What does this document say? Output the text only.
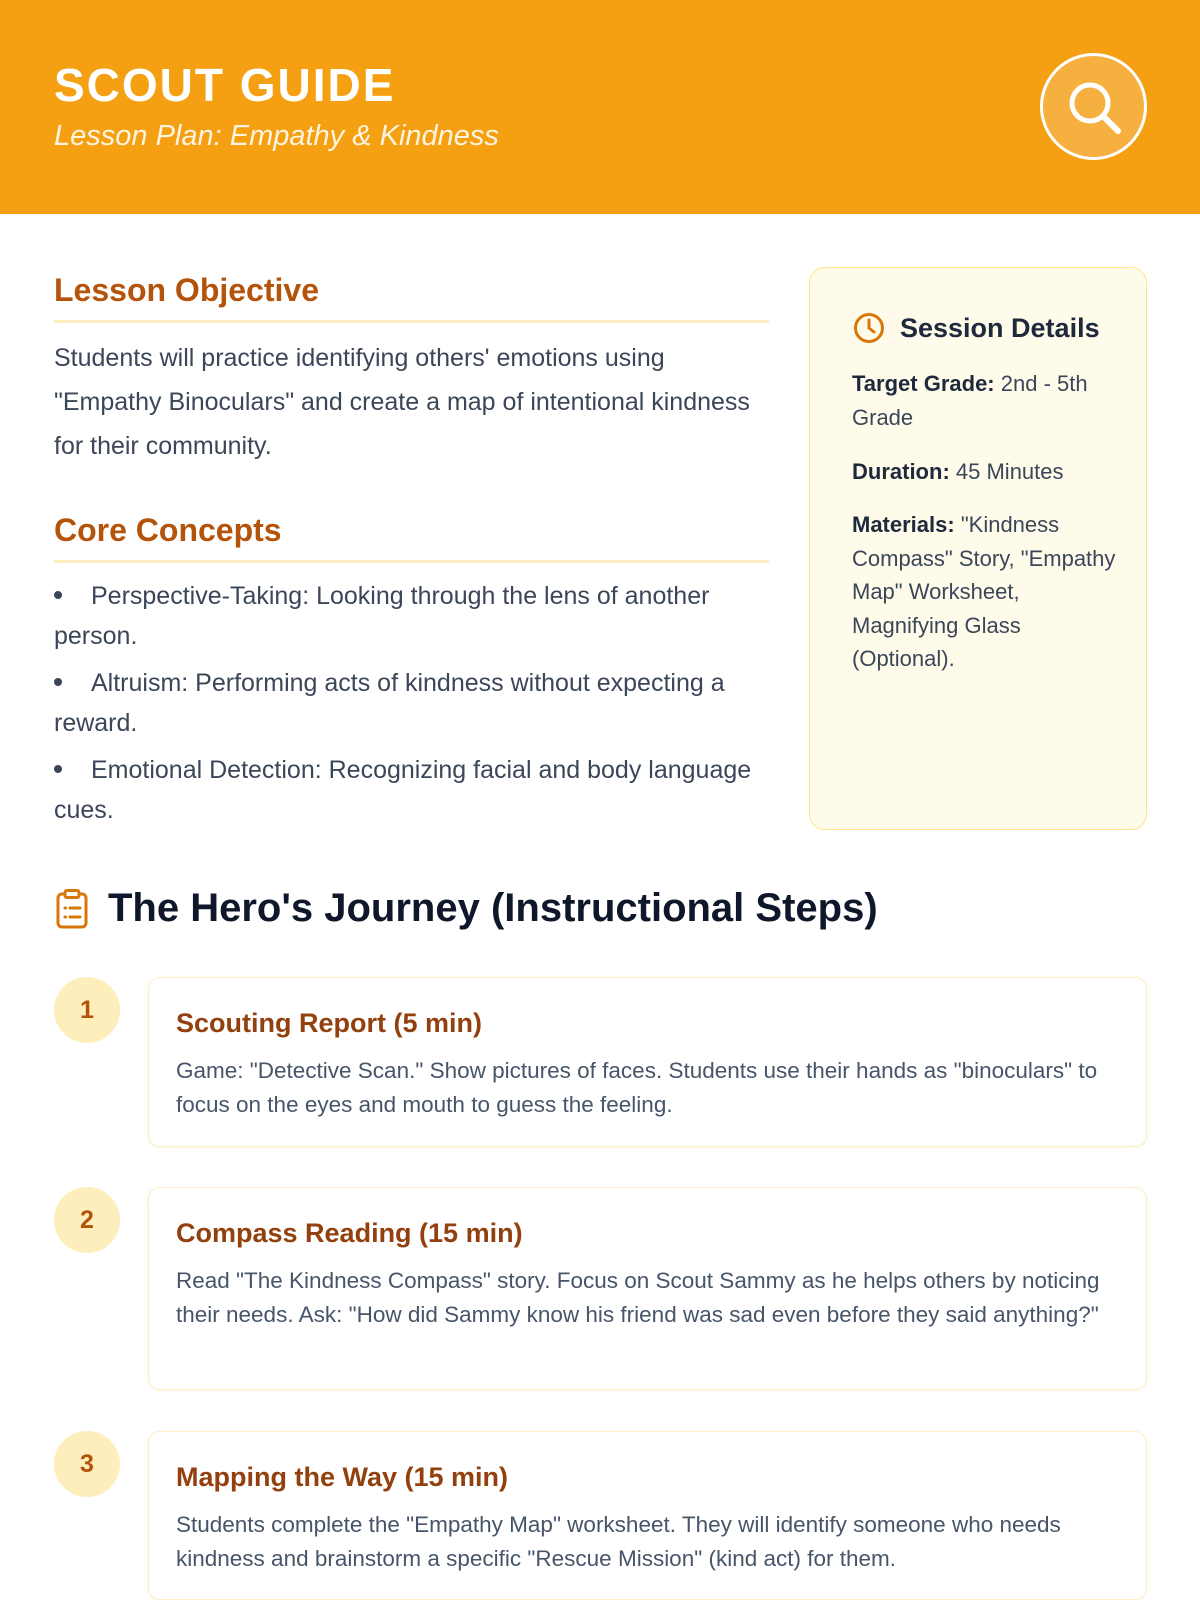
SCOUT GUIDE
Lesson Plan: Empathy & Kindness
Lesson Objective

Students will practice identifying others' emotions using "Empathy Binoculars" and create a map of intentional kindness for their community.

Core Concepts
Perspective-Taking: Looking through the lens of another person.
Altruism: Performing acts of kindness without expecting a reward.
Emotional Detection: Recognizing facial and body language cues.
Session Details
Target Grade: 2nd - 5th Grade
Duration: 45 Minutes
Materials: "Kindness Compass" Story, "Empathy Map" Worksheet, Magnifying Glass (Optional).
The Hero's Journey (Instructional Steps)
1	Scouting Report (5 min)

Game: "Detective Scan." Show pictures of faces. Students use their hands as "binoculars" to focus on the eyes and mouth to guess the feeling.

2	Compass Reading (15 min)

Read "The Kindness Compass" story. Focus on Scout Sammy as he helps others by noticing their needs. Ask: "How did Sammy know his friend was sad even before they said anything?"

3	Mapping the Way (15 min)

Students complete the "Empathy Map" worksheet. They will identify someone who needs kindness and brainstorm a specific "Rescue Mission" (kind act) for them.
